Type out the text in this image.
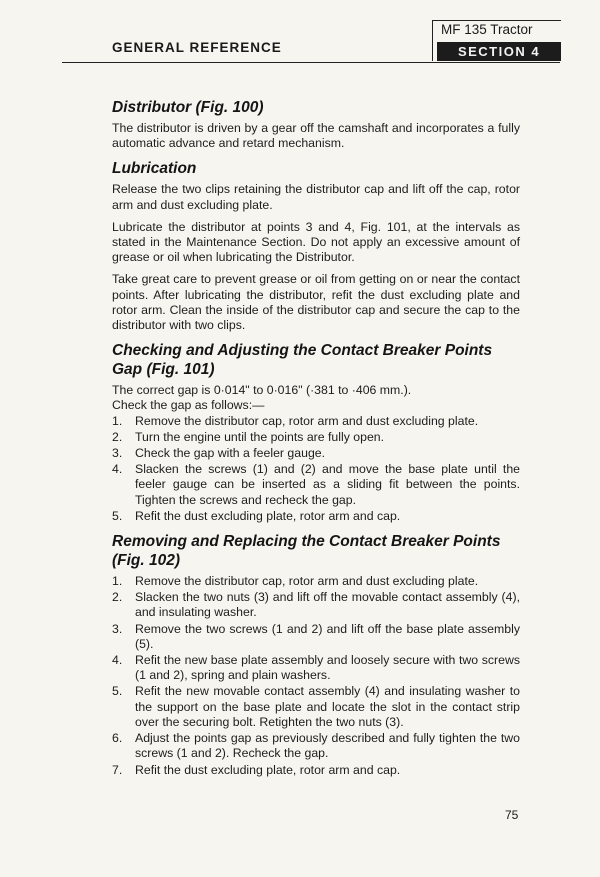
GENERAL REFERENCE
MF 135 Tractor
SECTION 4
Distributor (Fig. 100)

The distributor is driven by a gear off the camshaft and incorporates a fully automatic advance and retard mechanism.

Lubrication

Release the two clips retaining the distributor cap and lift off the cap, rotor arm and dust excluding plate.

Lubricate the distributor at points 3 and 4, Fig. 101, at the intervals as stated in the Maintenance Section. Do not apply an excessive amount of grease or oil when lubricating the Distributor.

Take great care to prevent grease or oil from getting on or near the contact points. After lubricating the distributor, refit the dust excluding plate and rotor arm. Clean the inside of the distributor cap and secure the cap to the distributor with two clips.

Checking and Adjusting the Contact Breaker Points Gap (Fig. 101)

The correct gap is 0·014" to 0·016" (·381 to ·406 mm.).

Check the gap as follows:—

1. Remove the distributor cap, rotor arm and dust excluding plate.
2. Turn the engine until the points are fully open.
3. Check the gap with a feeler gauge.
4. Slacken the screws (1) and (2) and move the base plate until the feeler gauge can be inserted as a sliding fit between the points. Tighten the screws and recheck the gap.
5. Refit the dust excluding plate, rotor arm and cap.
Removing and Replacing the Contact Breaker Points (Fig. 102)
1. Remove the distributor cap, rotor arm and dust excluding plate.
2. Slacken the two nuts (3) and lift off the movable contact assembly (4), and insulating washer.
3. Remove the two screws (1 and 2) and lift off the base plate assembly (5).
4. Refit the new base plate assembly and loosely secure with two screws (1 and 2), spring and plain washers.
5. Refit the new movable contact assembly (4) and insulating washer to the support on the base plate and locate the slot in the contact strip over the securing bolt. Retighten the two nuts (3).
6. Adjust the points gap as previously described and fully tighten the two screws (1 and 2). Recheck the gap.
7. Refit the dust excluding plate, rotor arm and cap.
75
